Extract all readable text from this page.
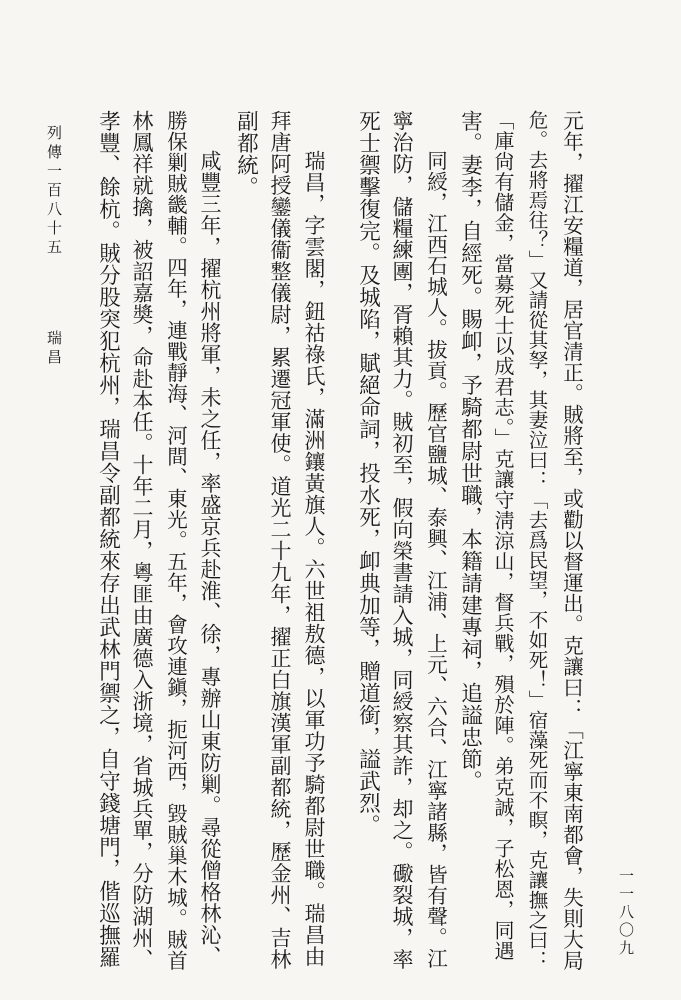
元年，擢江安糧道，居官清正。賊將至，或勸以督運出。克讓曰：「江寧東南都會，失則大局
危。去將焉往？」又請從其孥，其妻泣曰：「去爲民望，不如死！」宿藻死而不瞑，克讓撫之曰：
「庫尙有儲金，當募死士以成君志。」克讓守淸涼山，督兵戰，殞於陣。弟克誠，子松恩，同遇
害。妻李，自經死。賜卹，予騎都尉世職，本籍請建專祠，追謚忠節。
同綬，江西石城人。拔貢。歷官鹽城、泰興、江浦、上元、六合、江寧諸縣，皆有聲。江
寧治防，儲糧練團，胥賴其力。賊初至，假向榮書請入城，同綬察其詐，却之。礮裂城，率
死士禦擊復完。及城陷，賦絕命詞，投水死，卹典加等，贈道銜，謚武烈。
瑞昌，字雲閣，鈕祜祿氏，滿洲鑲黃旗人。六世祖敖德，以軍功予騎都尉世職。瑞昌由
拜唐阿授鑾儀衞整儀尉，累遷冠軍使。道光二十九年，擢正白旗漢軍副都統，歷金州、吉林
副都統。
咸豐三年，擢杭州將軍，未之任，率盛京兵赴淮、徐，專辦山東防剿。尋從僧格林沁、
勝保剿賊畿輔。四年，連戰靜海、河間、東光。五年，會攻連鎭，扼河西，毀賊巢木城。賊首
林鳳祥就擒，被詔嘉奬，命赴本任。十年二月，粵匪由廣德入浙境，省城兵單，分防湖州、
孝豐、餘杭。賊分股突犯杭州，瑞昌令副都統來存出武林門禦之，自守錢塘門，偕巡撫羅
列傳一百八十五
瑞昌
一一八〇九
